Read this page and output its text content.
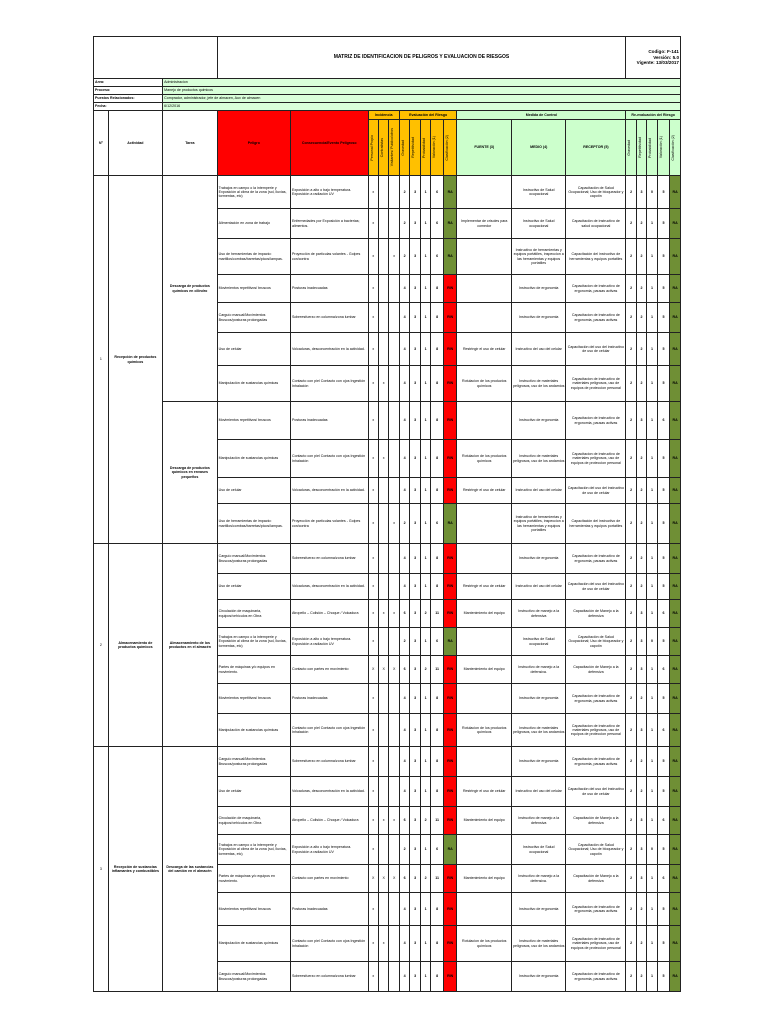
			MATRIZ DE IDENTIFICACION DE PELIGROS Y EVALUACION DE RIESGOS													Codigo: F-141
Versión: 5.0
Vigente: 13/03/2017				

Area:		Administracion																		
Proceso:		Manejo de productos quimicos																		
Puestos Relacionados:		Comprador, administrador, jefe de almacen, Aux de almacen																		
Fecha:		6/12/2016																		
Nº	Actividad	Tarea	Peligro	Consecuencia/Evento Peligroso	Incidencia			Evaluación del Riesgo					Medida de Control			Re-evaluación del Riesgo				

					Personal Propio	Contratistas	Visitantes/ Publico/otros	Gravedad	Repetitividad	Probabilidad	Valoración (1)	Clasificación (2)	FUENTE (3)	MEDIO (4)	RECEPTOR (5)	Gravedad	Repetitividad	Probabilidad	Valoración (1)	Clasificación (2)

1	Recepción de productos químicos	Descarga de productos químicos en cilindro	Trabajos en campo o la intemperie y Exposición al clima de la zona (sol, lluvias, tormentas, etc)	Exposición a alto o bajo temperatura. Exposición a radiación UV	x			2	3	1	6	RA		Instructivo de Salud ocupacional	Capacitación de Salud Ocupacional; Uso de bloqueador y capotín	2	3	0	5	RA
			Alimentación en zona de trabajo	Enfermedades por Exposición a bacterias; alimentos.	x			2	3	1	6	RA	Implementar de crisoles para comedor	Instructivo de Salud ocupacional	Capacitación de instructivo de salud ocupacional	2	2	1	5	RA
			Uso de herramientas de impacto: martillos/combas/barretas/picos/lampas.	Proyección de partículas volantes - Golpes con/contra	x		x	2	3	1	6	RA		Instructivo de herramientas y equipos portátiles, inspeccion a las herramientas y equipos portatiles	Capacitación del instructivo de herramientas y equipos portatiles	2	2	1	5	RA
			Movimientos repetitivos/ bruscos	Posturas inadecuadas	x			4	3	1	8	RIN		Instructivo de ergonomia	Capacitacion de instructivo de ergonomia, pausas activas	2	2	1	5	RA
			Carguío manual/Movimientos Bruscos/posturas prolongadas	Sobreesfuerzo en columna/zona lumbar	x			4	3	1	8	RIN		Instructivo de ergonomia	Capacitacion de instructivo de ergonomia, pausas activas	2	2	1	5	RA
			Uso de celular	Volcaduras, desconcentración en la actividad.	x			4	3	1	8	RIN	Restringir el uso de celular	Instructivo del uso del celular	Capacitación del uso del instructivo de uso de celular	2	2	1	5	RA
			Manipulación de sustancias químicas	Contacto con piel Contacto con ojos Ingestión Inhalación	x	x		4	3	1	8	RIN	Rotulacion de los productos químicos	Instructivo de materiales peligrosos, uso de los andamios	Capacitacion de instructivo de materiales peligrosos, uso de equipos de proteccion personal	2	2	1	5	RA
		Descarga de productos químicos en envases pequeños	Movimientos repetitivos/ bruscos	Posturas inadecuadas	x			4	3	1	8	RIN		Instructivo de ergonomia	Capacitacion de instructivo de ergonomia, pausas activas	2	3	1	6	RA
			Manipulación de sustancias químicas	Contacto con piel Contacto con ojos Ingestión Inhalación	x	x		4	3	1	8	RIN	Rotulacion de los productos químicos	Instructivo de materiales peligrosos, uso de los andamios	Capacitacion de instructivo de materiales peligrosos, uso de equipos de proteccion personal	2	2	1	5	RA
			Uso de celular	Volcaduras, desconcentración en la actividad.	x			4	3	1	8	RIN	Restringir el uso de celular	Instructivo del uso del celular	Capacitación del uso del instructivo de uso de celular	2	2	1	5	RA
			Uso de herramientas de impacto: martillos/combas/barretas/picos/lampas.	Proyección de partículas volantes - Golpes con/contra	x		x	2	3	1	6	RA		Instructivo de herramientas y equipos portátiles, inspeccion a las herramientas y equipos portatiles	Capacitación del instructivo de herramientas y equipos portatiles	2	2	1	5	RA
2	Almacenamiento de productos químicos	Almacenamiento de los productos en el almacén	Carguío manual/Movimientos Bruscos/posturas prolongadas	Sobreesfuerzo en columna/zona lumbar	x			4	3	1	8	RIN		Instructivo de ergonomia	Capacitacion de instructivo de ergonomia, pausas activas	2	2	1	5	RA
			Uso de celular	Volcaduras, desconcentración en la actividad.	x			4	3	1	8	RIN	Restringir el uso de celular	Instructivo del uso del celular	Capacitación del uso del instructivo de uso de celular	2	2	1	5	RA
			Circulación de maquinaria, equipos/vehículos en Obra	Atropello – Colisión – Choque / Volcadura	x	x	x	6	3	2	11	RIN	Mantenimiento del equipo	Instructivo de manejo a la defensiva	Capacitación de Manejo a la defensiva	2	3	1	6	RA
			Trabajos en campo o la intemperie y Exposición al clima de la zona (sol, lluvias, tormentas, etc)	Exposición a alto o bajo temperatura. Exposición a radiación UV	x			2	3	1	6	RA		Instructivo de Salud ocupacional	Capacitación de Salud Ocupacional; Uso de bloqueador y capotín	2	3	0	5	RA
			Partes de máquinas y/o equipos en movimiento.	Contacto con partes en movimiento	X	X	X	6	3	2	11	RIN	Mantenimiento del equipo	Instructivo de manejo a la defensiva.	Capacitación de Manejo a la defensiva	2	3	1	6	RA
			Movimientos repetitivos/ bruscos	Posturas inadecuadas	x			4	3	1	8	RIN		Instructivo de ergonomia	Capacitacion de instructivo de ergonomia, pausas activas	2	2	1	5	RA
			Manipulación de sustancias químicas	Contacto con piel Contacto con ojos Ingestión Inhalación	x			4	3	1	8	RIN	Rotulacion de los productos químicos	Instructivo de materiales peligrosos, uso de los andamios	Capacitacion de instructivo de materiales peligrosos, uso de equipos de proteccion personal	2	3	1	6	RA
3	Recepción de sustancias inflamantes y combustibles	Descarga de las sustancias del camión en el almacén	Carguío manual/Movimientos Bruscos/posturas prolongadas	Sobreesfuerzo en columna/zona lumbar	x			4	3	1	8	RIN		Instructivo de ergonomia	Capacitacion de instructivo de ergonomia, pausas activas	2	2	1	5	RA
			Uso de celular	Volcaduras, desconcentración en la actividad.	x			4	3	1	8	RIN	Restringir el uso de celular	Instructivo del uso del celular	Capacitación del uso del instructivo de uso de celular	2	2	1	5	RA
			Circulación de maquinaria, equipos/vehículos en Obra	Atropello – Colisión – Choque / Volcadura	x	x	x	6	3	2	11	RIN	Mantenimiento del equipo	Instructivo de manejo a la defensiva	Capacitación de Manejo a la defensiva	2	3	1	6	RA
			Trabajos en campo o la intemperie y Exposición al clima de la zona (sol, lluvias, tormentas, etc)	Exposición a alto o bajo temperatura. Exposición a radiación UV	x			2	3	1	6	RA		Instructivo de Salud ocupacional	Capacitación de Salud Ocupacional; Uso de bloqueador y capotín	2	3	0	5	RA
			Partes de máquinas y/o equipos en movimiento.	Contacto con partes en movimiento	X	X	X	6	3	2	11	RIN	Mantenimiento del equipo	Instructivo de manejo a la defensiva.	Capacitación de Manejo a la defensiva	2	3	1	6	RA
			Movimientos repetitivos/ bruscos	Posturas inadecuadas	x			4	3	1	8	RIN		Instructivo de ergonomia	Capacitacion de instructivo de ergonomia, pausas activas	2	2	1	5	RA
			Manipulación de sustancias químicas	Contacto con piel Contacto con ojos Ingestión Inhalación	x	x		4	3	1	8	RIN	Rotulacion de los productos químicos	Instructivo de materiales peligrosos, uso de los andamios	Capacitacion de instructivo de materiales peligrosos, uso de equipos de proteccion personal	2	2	1	5	RA
			Carguío manual/Movimientos Bruscos/posturas prolongadas	Sobreesfuerzo en columna/zona lumbar	x			4	3	1	8	RIN		Instructivo de ergonomia	Capacitacion de instructivo de ergonomia, pausas activas	2	2	1	5	RA
